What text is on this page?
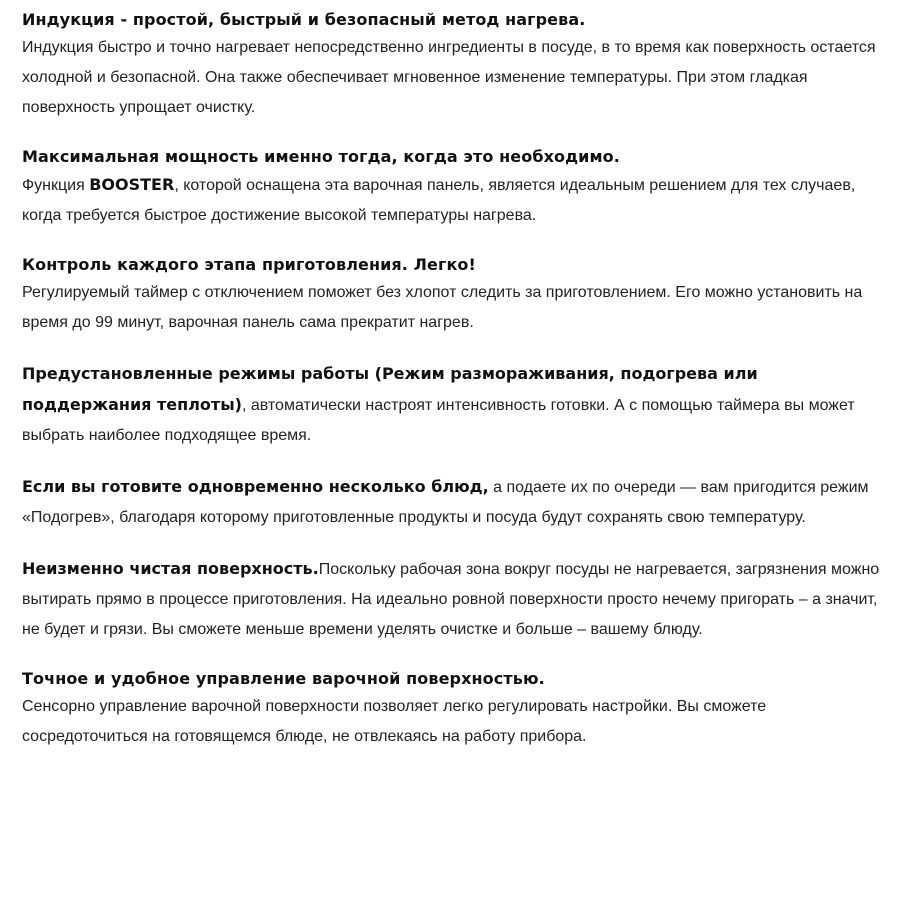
Индукция - простой, быстрый и безопасный метод нагрева.

Индукция быстро и точно нагревает непосредственно ингредиенты в посуде, в то время как поверхность остается холодной и безопасной. Она также обеспечивает мгновенное изменение температуры. При этом гладкая поверхность упрощает очистку.

Максимальная мощность именно тогда, когда это необходимо.

Функция BOOSTER, которой оснащена эта варочная панель, является идеальным решением для тех случаев, когда требуется быстрое достижение высокой температуры нагрева.

Контроль каждого этапа приготовления. Легко!

Регулируемый таймер с отключением поможет без хлопот следить за приготовлением. Его можно установить на время до 99 минут, варочная панель сама прекратит нагрев.

Предустановленные режимы работы (Режим размораживания, подогрева или поддержания теплоты), автоматически настроят интенсивность готовки. А с помощью таймера вы может выбрать наиболее подходящее время.

Если вы готовите одновременно несколько блюд, а подаете их по очереди — вам пригодится режим «Подогрев», благодаря которому приготовленные продукты и посуда будут сохранять свою температуру.

Неизменно чистая поверхность.Поскольку рабочая зона вокруг посуды не нагревается, загрязнения можно вытирать прямо в процессе приготовления. На идеально ровной поверхности просто нечему пригорать – а значит, не будет и грязи. Вы сможете меньше времени уделять очистке и больше – вашему блюду.

Точное и удобное управление варочной поверхностью.

Сенсорно управление варочной поверхности позволяет легко регулировать настройки. Вы сможете сосредоточиться на готовящемся блюде, не отвлекаясь на работу прибора.
